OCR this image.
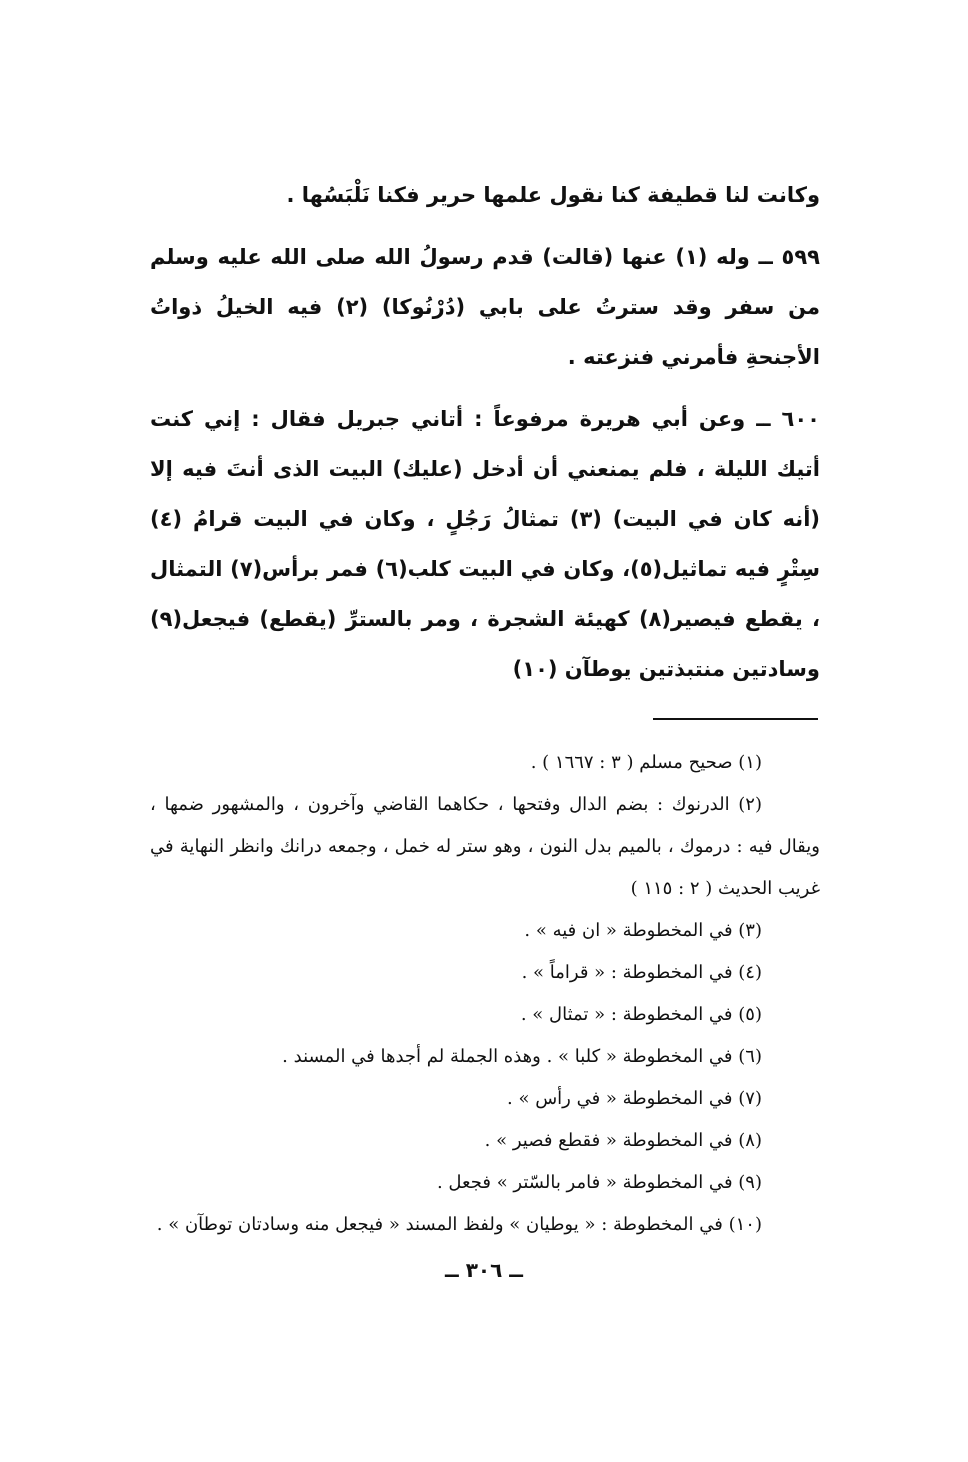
وكانت لنا قطيفة كنا نقول علمها حرير فكنا نَلْبَسُها .

٥٩٩ ــ وله (١) عنها (قالت) قدم رسولُ الله صلى الله عليه وسلم من سفر وقد سترتُ على بابي (دُرْنُوكا) (٢) فيه الخيلُ ذواتُ الأجنحةِ فأمرني فنزعته .

٦٠٠ ــ وعن أبي هريرة مرفوعاً : أتاني جبريل فقال : إني كنت أتيك الليلة ، فلم يمنعني أن أدخل (عليك) البيت الذى أنتَ فيه إلا (أنه كان في البيت) (٣) تمثالُ رَجُلٍ ، وكان في البيت قرامُ (٤) سِتْرٍ فيه تماثيل(٥)، وكان في البيت كلب(٦) فمر برأس(٧) التمثال ، يقطع فيصير(٨) كهيئة الشجرة ، ومر بالسترِّ (يقطع) فيجعل(٩) وسادتين منتبذتين يوطآن (١٠)

(١) صحيح مسلم ( ٣ : ١٦٦٧ ) .

(٢) الدرنوك : بضم الدال وفتحها ، حكاهما القاضي وآخرون ، والمشهور ضمها ، ويقال فيه : درموك ، بالميم بدل النون ، وهو ستر له خمل ، وجمعه درانك وانظر النهاية في غريب الحديث ( ٢ : ١١٥ )

(٣) في المخطوطة « ان فيه » .

(٤) في المخطوطة : « قراماً » .

(٥) في المخطوطة : « تمثال » .

(٦) في المخطوطة « كلبا » . وهذه الجملة لم أجدها في المسند .

(٧) في المخطوطة « في رأس » .

(٨) في المخطوطة « فقطع فصير » .

(٩) في المخطوطة « فامر بالسّتر » فجعل .

(١٠) في المخطوطة : « يوطيان » ولفظ المسند « فيجعل منه وسادتان توطآن » .

ــ ٣٠٦ ــ
